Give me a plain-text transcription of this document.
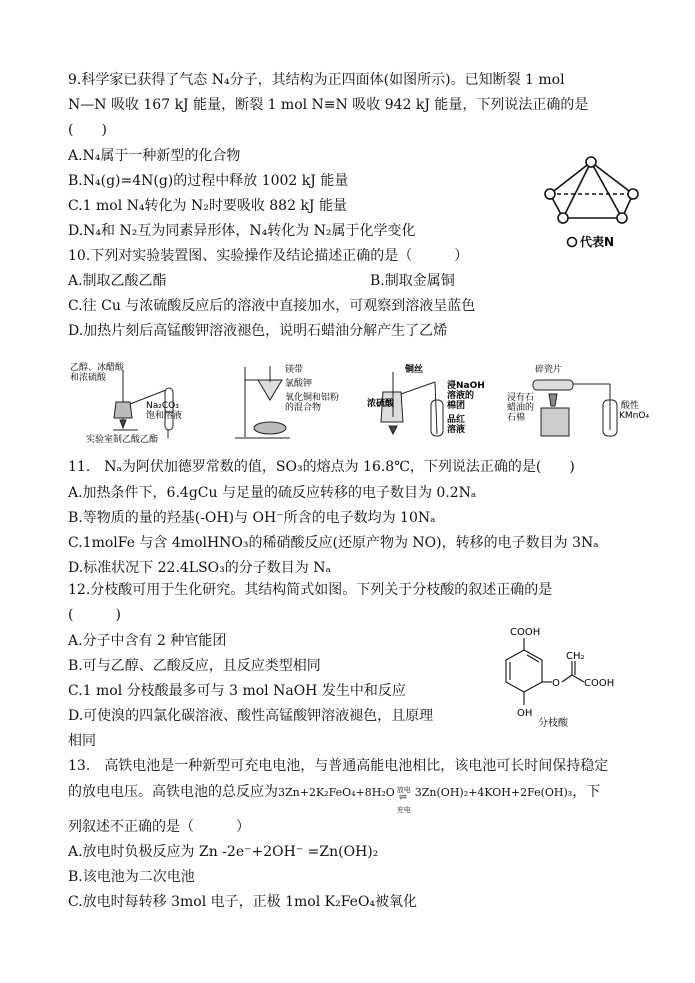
9.科学家已获得了气态 N₄分子，其结构为正四面体(如图所示)。已知断裂 1 mol
N—N 吸收 167 kJ 能量，断裂 1 mol N≡N 吸收 942 kJ 能量，下列说法正确的是
(　　)
A.N₄属于一种新型的化合物
B.N₄(g)=4N(g)的过程中释放 1002 kJ 能量
C.1 mol N₄转化为 N₂时要吸收 882 kJ 能量
D.N₄和 N₂互为同素异形体，N₄转化为 N₂属于化学变化
代表N
10.下列对实验装置图、实验操作及结论描述正确的是（　　　）
A.制取乙酸乙酯	B.制取金属铜
C.往 Cu 与浓硫酸反应后的溶液中直接加水，可观察到溶液呈蓝色
D.加热片刻后高锰酸钾溶液褪色，说明石蜡油分解产生了乙烯
乙醇、冰醋酸
和浓硫酸
Na₂CO₃
饱和溶液
实验室制乙酸乙酯
镁带
氯酸钾
氧化铜和铝粉
的混合物
铜丝
浓硫酸
浸NaOH
溶液的
棉团
品红
溶液
碎瓷片
浸有石
蜡油的
石棉
酸性
KMnO₄
11.　Nₐ为阿伏加德罗常数的值，SO₃的熔点为 16.8℃，下列说法正确的是(　　)
A.加热条件下，6.4gCu 与足量的硫反应转移的电子数目为 0.2Nₐ
B.等物质的量的羟基(-OH)与 OH⁻所含的电子数均为 10Nₐ
C.1molFe 与含 4molHNO₃的稀硝酸反应(还原产物为 NO)，转移的电子数目为 3Nₐ
D.标准状况下 22.4LSO₃的分子数目为 Nₐ
12.分枝酸可用于生化研究。其结构简式如图。下列关于分枝酸的叙述正确的是
(　　　)
A.分子中含有 2 种官能团
B.可与乙醇、乙酸反应，且反应类型相同
C.1 mol 分枝酸最多可与 3 mol NaOH 发生中和反应
D.可使溴的四氯化碳溶液、酸性高锰酸钾溶液褪色，且原理
相同
COOH
CH₂
O COOH
OH
分枝酸
13.　高铁电池是一种新型可充电电池，与普通高能电池相比，该电池可长时间保持稳定
的放电电压。高铁电池的总反应为3Zn+2K₂FeO₄+8H₂O 放电
⇌
充电
3Zn(OH)₂+4KOH+2Fe(OH)₃，下
列叙述不正确的是（　　　）
A.放电时负极反应为 Zn -2e⁻+2OH⁻ =Zn(OH)₂
B.该电池为二次电池
C.放电时每转移 3mol 电子，正极 1mol K₂FeO₄被氧化
